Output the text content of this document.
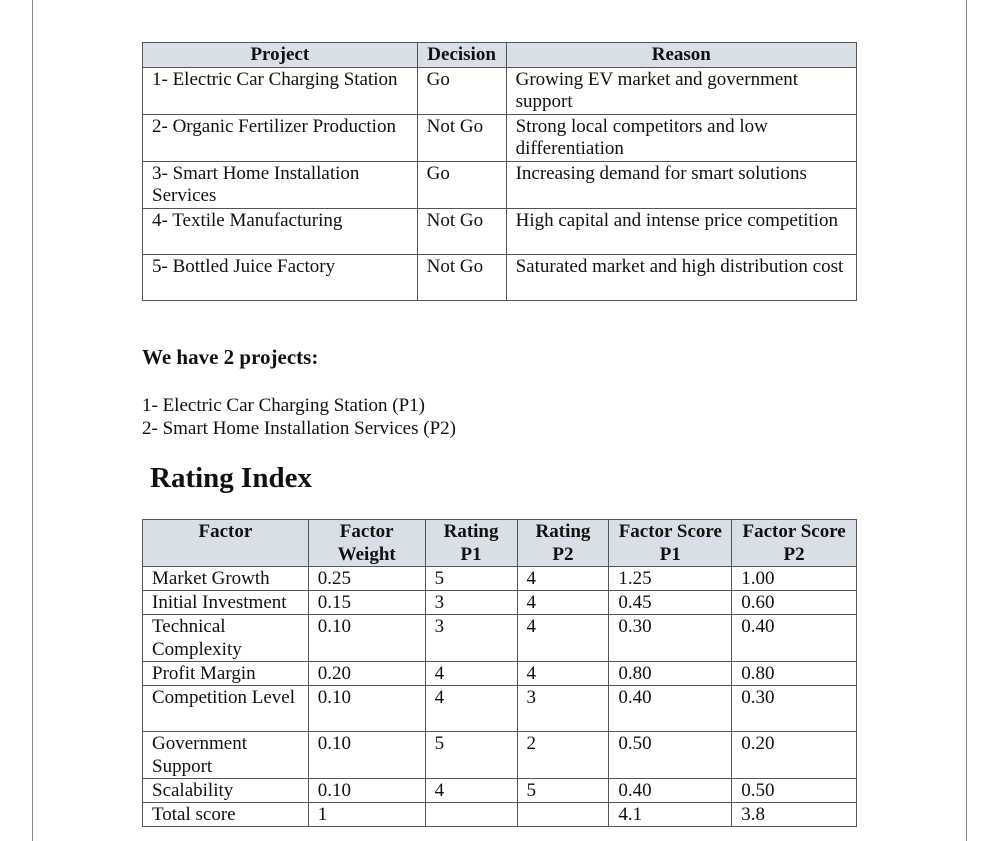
Project	Decision	Reason
1- Electric Car Charging Station	Go	Growing EV market and government support
2- Organic Fertilizer Production	Not Go	Strong local competitors and low differentiation
3- Smart Home Installation Services	Go	Increasing demand for smart solutions
4- Textile Manufacturing	Not Go	High capital and intense price competition
5- Bottled Juice Factory	Not Go	Saturated market and high distribution cost
We have 2 projects:
1- Electric Car Charging Station (P1)
2- Smart Home Installation Services (P2)
Rating Index
Factor	Factor Weight	Rating P1	Rating P2	Factor Score P1	Factor Score P2
Market Growth	0.25	5	4	1.25	1.00
Initial Investment	0.15	3	4	0.45	0.60
Technical Complexity	0.10	3	4	0.30	0.40
Profit Margin	0.20	4	4	0.80	0.80
Competition Level	0.10	4	3	0.40	0.30
Government Support	0.10	5	2	0.50	0.20
Scalability	0.10	4	5	0.40	0.50
Total score	1			4.1	3.8
